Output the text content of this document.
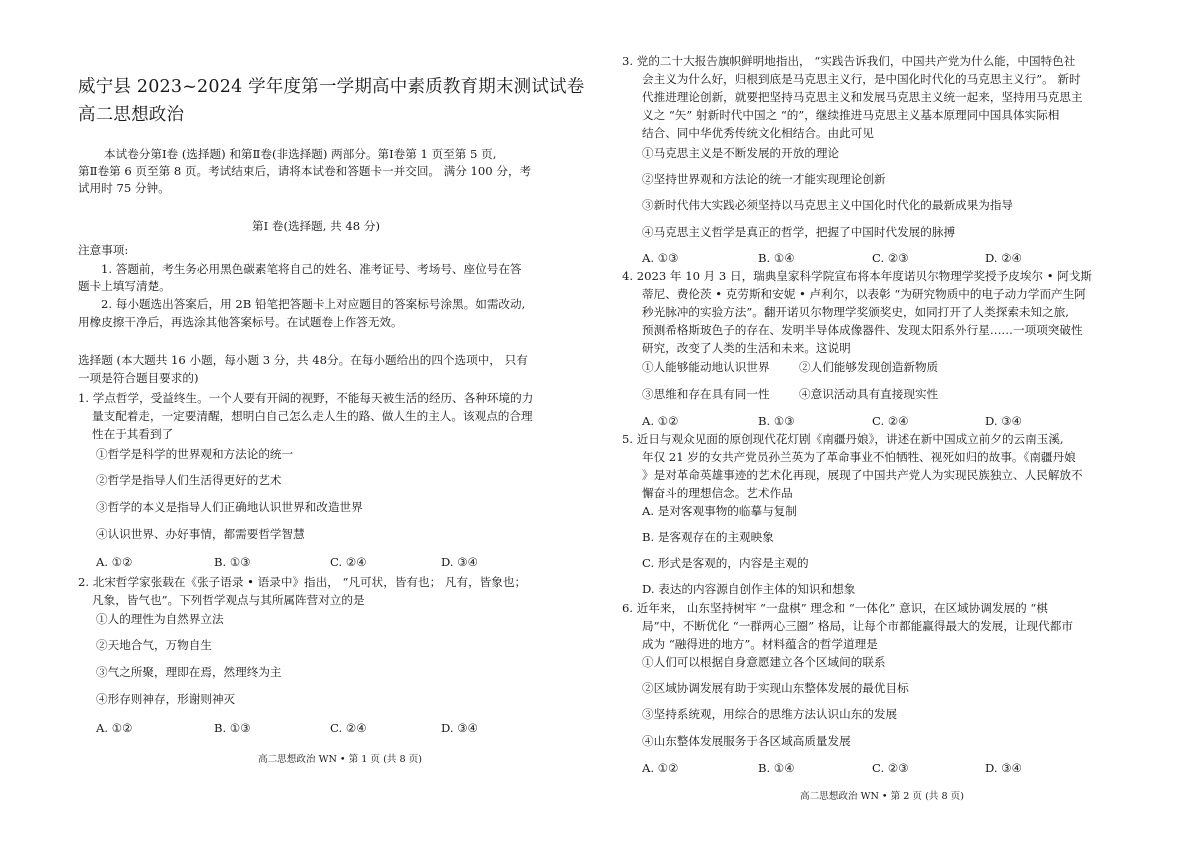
威宁县 2023~2024 学年度第一学期高中素质教育期末测试试卷
高二思想政治
本试卷分第Ⅰ卷 (选择题) 和第Ⅱ卷(非选择题) 两部分。第Ⅰ卷第 1 页至第 5 页,
第Ⅱ卷第 6 页至第 8 页。考试结束后，请将本试卷和答题卡一并交回。 满分 100 分，考
试用时 75 分钟。
第Ⅰ 卷(选择题, 共 48 分)
注意事项:
1. 答题前，考生务必用黑色碳素笔将自己的姓名、准考证号、考场号、座位号在答
题卡上填写清楚。
2. 每小题选出答案后，用 2B 铅笔把答题卡上对应题目的答案标号涂黑。如需改动,
用橡皮擦干净后，再选涂其他答案标号。在试题卷上作答无效。
选择题 (本大题共 16 小题，每小题 3 分，共 48分。在每小题给出的四个选项中， 只有
一项是符合题目要求的)
1. 学点哲学，受益终生。一个人要有开阔的视野，不能每天被生活的经历、各种环境的力
量支配着走，一定要清醒，想明白自己怎么走人生的路、做人生的主人。该观点的合理
性在于其看到了
①哲学是科学的世界观和方法论的统一
②哲学是指导人们生活得更好的艺术
③哲学的本义是指导人们正确地认识世界和改造世界
④认识世界、办好事情，都需要哲学智慧
A. ①②	B. ①③	C. ②④	D. ③④
2. 北宋哲学家张载在《张子语录 • 语录中》指出， “凡可状，皆有也； 凡有，皆象也；
凡象，皆气也”。下列哲学观点与其所属阵营对立的是
①人的理性为自然界立法
②天地合气，万物自生
③气之所聚，理即在焉，然理终为主
④形存则神存，形谢则神灭
A. ①②	B. ①③	C. ②④	D. ③④
高二思想政治 WN • 第 1 页 (共 8 页)
3. 党的二十大报告旗帜鲜明地指出， “实践告诉我们，中国共产党为什么能，中国特色社
会主义为什么好，归根到底是马克思主义行，是中国化时代化的马克思主义行”。 新时
代推进理论创新，就要把坚持马克思主义和发展马克思主义统一起来，坚持用马克思主
义之 “矢” 射新时代中国之 “的”，继续推进马克思主义基本原理同中国具体实际相
结合、同中华优秀传统文化相结合。由此可见
①马克思主义是不断发展的开放的理论
②坚持世界观和方法论的统一才能实现理论创新
③新时代伟大实践必须坚持以马克思主义中国化时代化的最新成果为指导
④马克思主义哲学是真正的哲学，把握了中国时代发展的脉搏
A. ①③	B. ①④	C. ②③	D. ②④
4. 2023 年 10 月 3 日，瑞典皇家科学院宣布将本年度诺贝尔物理学奖授予皮埃尔 • 阿戈斯
蒂尼、费伦茨 • 克劳斯和安妮 • 卢利尔，以表彰 “为研究物质中的电子动力学而产生阿
秒光脉冲的实验方法”。翻开诺贝尔物理学奖颁奖史，如同打开了人类探索未知之旅,
预测希格斯玻色子的存在、发明半导体成像器件、发现太阳系外行星……一项项突破性
研究，改变了人类的生活和未来。这说明
①人能够能动地认识世界	②人们能够发现创造新物质
③思维和存在具有同一性	④意识活动具有直接现实性
A. ①②	B. ①③	C. ②④	D. ③④
5. 近日与观众见面的原创现代花灯剧《南疆丹娘》，讲述在新中国成立前夕的云南玉溪,
年仅 21 岁的女共产党员孙兰英为了革命事业不怕牺牲、视死如归的故事。《南疆丹娘
》是对革命英雄事迹的艺术化再现，展现了中国共产党人为实现民族独立、人民解放不
懈奋斗的理想信念。艺术作品
A. 是对客观事物的临摹与复制
B. 是客观存在的主观映象
C. 形式是客观的，内容是主观的
D. 表达的内容源自创作主体的知识和想象
6. 近年来， 山东坚持树牢 “一盘棋” 理念和 “一体化” 意识，在区域协调发展的 “棋
局”中，不断优化 “一群两心三圈” 格局，让每个市都能赢得最大的发展，让现代都市
成为 “融得进的地方”。材料蕴含的哲学道理是
①人们可以根据自身意愿建立各个区域间的联系
②区域协调发展有助于实现山东整体发展的最优目标
③坚持系统观，用综合的思维方法认识山东的发展
④山东整体发展服务于各区域高质量发展
A. ①②	B. ①④	C. ②③	D. ③④
高二思想政治 WN • 第 2 页 (共 8 页)
